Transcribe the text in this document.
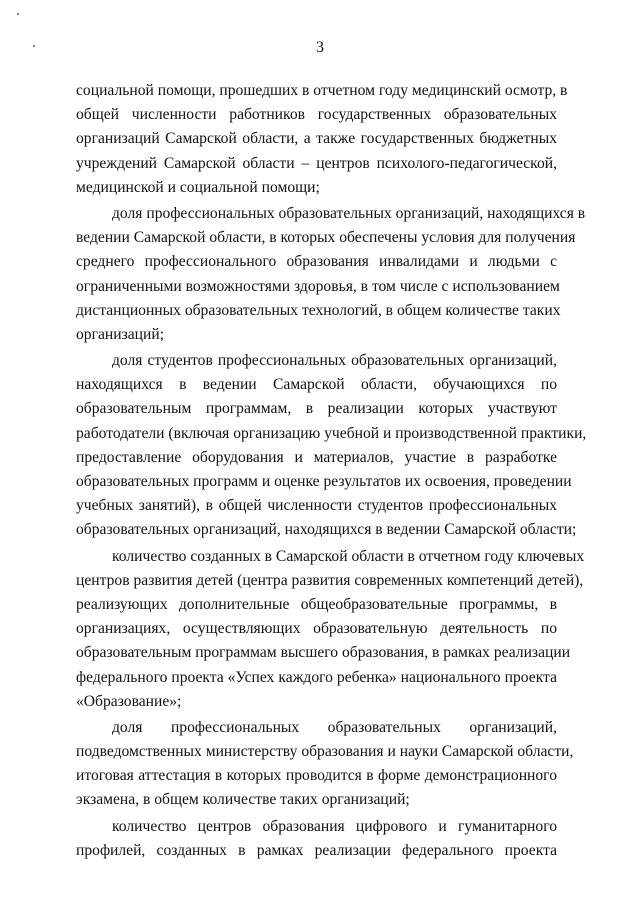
3
социальной помощи, прошедших в отчетном году медицинский осмотр, в
общей численности работников государственных образовательных
организаций Самарской области, а также государственных бюджетных
учреждений Самарской области – центров психолого-педагогической,
медицинской и социальной помощи;
доля профессиональных образовательных организаций, находящихся в
ведении Самарской области, в которых обеспечены условия для получения
среднего профессионального образования инвалидами и людьми с
ограниченными возможностями здоровья, в том числе с использованием
дистанционных образовательных технологий, в общем количестве таких
организаций;
доля студентов профессиональных образовательных организаций,
находящихся в ведении Самарской области, обучающихся по
образовательным программам, в реализации которых участвуют
работодатели (включая организацию учебной и производственной практики,
предоставление оборудования и материалов, участие в разработке
образовательных программ и оценке результатов их освоения, проведении
учебных занятий), в общей численности студентов профессиональных
образовательных организаций, находящихся в ведении Самарской области;
количество созданных в Самарской области в отчетном году ключевых
центров развития детей (центра развития современных компетенций детей),
реализующих дополнительные общеобразовательные программы, в
организациях, осуществляющих образовательную деятельность по
образовательным программам высшего образования, в рамках реализации
федерального проекта «Успех каждого ребенка» национального проекта
«Образование»;
доля профессиональных образовательных организаций,
подведомственных министерству образования и науки Самарской области,
итоговая аттестация в которых проводится в форме демонстрационного
экзамена, в общем количестве таких организаций;
количество центров образования цифрового и гуманитарного
профилей, созданных в рамках реализации федерального проекта
